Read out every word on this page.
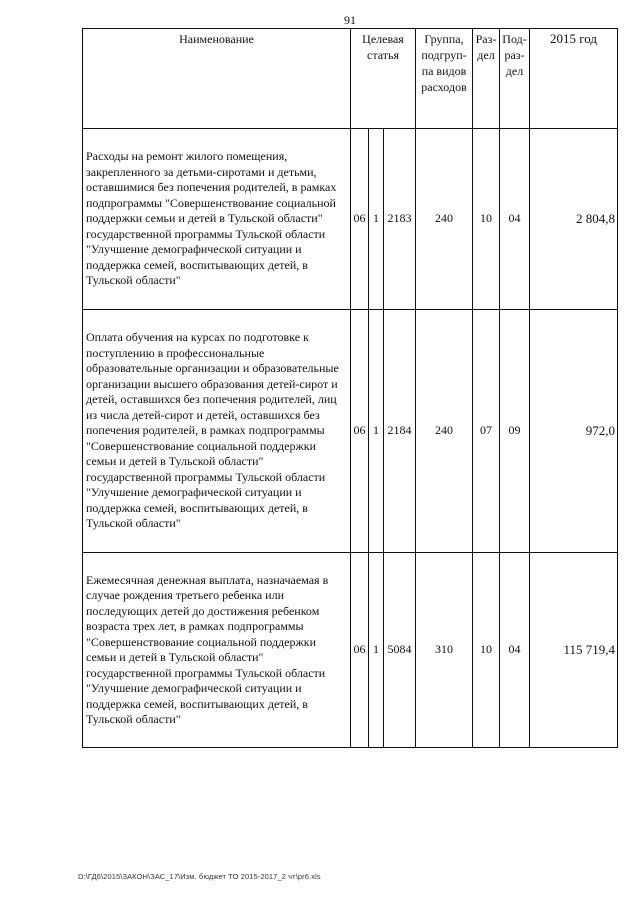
91
Наименование	Целевая статья			Группа, подгруп-па видов расходов	Раз-дел	Под-раз-дел	2015 год
Расходы на ремонт жилого помещения, закрепленного за детьми-сиротами и детьми, оставшимися без попечения родителей, в рамках подпрограммы "Совершенствование социальной поддержки семьи и детей в Тульской области" государственной программы Тульской области "Улучшение демографической ситуации и поддержка семей, воспитывающих детей, в Тульской области"	06	1	2183	240	10	04	2 804,8
Оплата обучения на курсах по подготовке к поступлению в профессиональные образовательные организации и образовательные организации высшего образования детей-сирот и детей, оставшихся без попечения родителей, лиц из числа детей-сирот и детей, оставшихся без попечения родителей, в рамках подпрограммы "Совершенствование социальной поддержки семьи и детей в Тульской области" государственной программы Тульской области "Улучшение демографической ситуации и поддержка семей, воспитывающих детей, в Тульской области"	06	1	2184	240	07	09	972,0
Ежемесячная денежная выплата, назначаемая в случае рождения третьего ребенка или последующих детей до достижения ребенком возраста трех лет, в рамках подпрограммы "Совершенствование социальной поддержки семьи и детей в Тульской области" государственной программы Тульской области "Улучшение демографической ситуации и поддержка семей, воспитывающих детей, в Тульской области"	06	1	5084	310	10	04	115 719,4
D:\ГД6\2015\ЗАКОН\ЗАС_17\Изм. бюджет ТО 2015-2017_2 чт\pr6.xls
